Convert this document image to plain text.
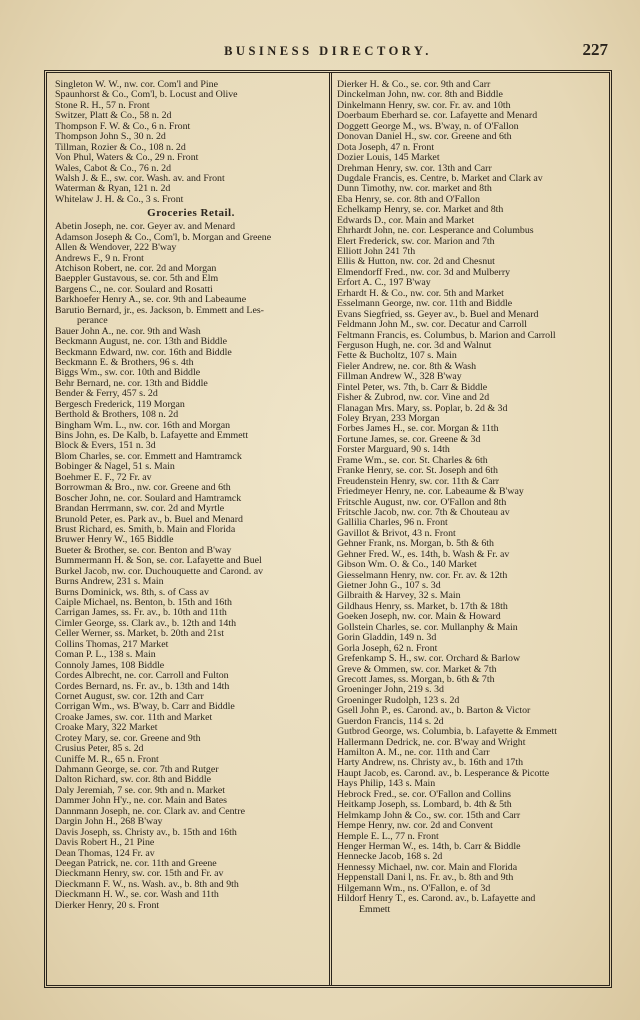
BUSINESS DIRECTORY.	227
Singleton W. W., nw. cor. Com'l and Pine
Spaunhorst & Co., Com'l, b. Locust and Olive
Stone R. H., 57 n. Front
Switzer, Platt & Co., 58 n. 2d
Thompson F. W. & Co., 6 n. Front
Thompson John S., 30 n. 2d
Tillman, Rozier & Co., 108 n. 2d
Von Phul, Waters & Co., 29 n. Front
Wales, Cabot & Co., 76 n. 2d
Walsh J. & E., sw. cor. Wash. av. and Front
Waterman & Ryan, 121 n. 2d
Whitelaw J. H. & Co., 3 s. Front
Groceries Retail.
Abetin Joseph, ne. cor. Geyer av. and Menard
Adamson Joseph & Co., Com'l, b. Morgan and Greene
Allen & Wendover, 222 B'way
Andrews F., 9 n. Front
Atchison Robert, ne. cor. 2d and Morgan
Baeppler Gustavous, se. cor. 5th and Elm
Bargens C., ne. cor. Soulard and Rosatti
Barkhoefer Henry A., se. cor. 9th and Labeaume
Barutio Bernard, jr., es. Jackson, b. Emmett and Les-
perance
Bauer John A., ne. cor. 9th and Wash
Beckmann August, ne. cor. 13th and Biddle
Beckmann Edward, nw. cor. 16th and Biddle
Beckmann E. & Brothers, 96 s. 4th
Biggs Wm., sw. cor. 10th and Biddle
Behr Bernard, ne. cor. 13th and Biddle
Bender & Ferry, 457 s. 2d
Bergesch Frederick, 119 Morgan
Berthold & Brothers, 108 n. 2d
Bingham Wm. L., nw. cor. 16th and Morgan
Bins John, es. De Kalb, b. Lafayette and Emmett
Block & Evers, 151 n. 3d
Blom Charles, se. cor. Emmett and Hamtramck
Bobinger & Nagel, 51 s. Main
Boehmer E. F., 72 Fr. av
Borrowman & Bro., nw. cor. Greene and 6th
Boscher John, ne. cor. Soulard and Hamtramck
Brandan Herrmann, sw. cor. 2d and Myrtle
Brunold Peter, es. Park av., b. Buel and Menard
Brust Richard, es. Smith, b. Main and Florida
Bruwer Henry W., 165 Biddle
Bueter & Brother, se. cor. Benton and B'way
Bummermann H. & Son, se. cor. Lafayette and Buel
Burkel Jacob, nw. cor. Duchouquette and Carond. av
Burns Andrew, 231 s. Main
Burns Dominick, ws. 8th, s. of Cass av
Caiple Michael, ns. Benton, b. 15th and 16th
Carrigan James, ss. Fr. av., b. 10th and 11th
Cimler George, ss. Clark av., b. 12th and 14th
Celler Werner, ss. Market, b. 20th and 21st
Collins Thomas, 217 Market
Coman P. L., 138 s. Main
Connoly James, 108 Biddle
Cordes Albrecht, ne. cor. Carroll and Fulton
Cordes Bernard, ns. Fr. av., b. 13th and 14th
Cornet August, sw. cor. 12th and Carr
Corrigan Wm., ws. B'way, b. Carr and Biddle
Croake James, sw. cor. 11th and Market
Croake Mary, 322 Market
Crotey Mary, se. cor. Greene and 9th
Crusius Peter, 85 s. 2d
Cuniffe M. R., 65 n. Front
Dahmann George, se. cor. 7th and Rutger
Dalton Richard, sw. cor. 8th and Biddle
Daly Jeremiah, 7 se. cor. 9th and n. Market
Dammer John H'y., ne. cor. Main and Bates
Dannmann Joseph, ne. cor. Clark av. and Centre
Dargin John H., 268 B'way
Davis Joseph, ss. Christy av., b. 15th and 16th
Davis Robert H., 21 Pine
Dean Thomas, 124 Fr. av
Deegan Patrick, ne. cor. 11th and Greene
Dieckmann Henry, sw. cor. 15th and Fr. av
Dieckmann F. W., ns. Wash. av., b. 8th and 9th
Dieckmann H. W., se. cor. Wash and 11th
Dierker Henry, 20 s. Front
Dierker H. & Co., se. cor. 9th and Carr
Dinckelman John, nw. cor. 8th and Biddle
Dinkelmann Henry, sw. cor. Fr. av. and 10th
Doerbaum Eberhard se. cor. Lafayette and Menard
Doggett George M., ws. B'way, n. of O'Fallon
Donovan Daniel H., sw. cor. Greene and 6th
Dota Joseph, 47 n. Front
Dozier Louis, 145 Market
Drehman Henry, sw. cor. 13th and Carr
Dugdale Francis, es. Centre, b. Market and Clark av
Dunn Timothy, nw. cor. market and 8th
Eba Henry, se. cor. 8th and O'Fallon
Echelkamp Henry, se. cor. Market and 8th
Edwards D., cor. Main and Market
Ehrhardt John, ne. cor. Lesperance and Columbus
Elert Frederick, sw. cor. Marion and 7th
Elliott John 241 7th
Ellis & Hutton, nw. cor. 2d and Chesnut
Elmendorff Fred., nw. cor. 3d and Mulberry
Erfort A. C., 197 B'way
Erhardt H. & Co., nw. cor. 5th and Market
Esselmann George, nw. cor. 11th and Biddle
Evans Siegfried, ss. Geyer av., b. Buel and Menard
Feldmann John M., sw. cor. Decatur and Carroll
Feltmann Francis, es. Columbus, b. Marion and Carroll
Ferguson Hugh, ne. cor. 3d and Walnut
Fette & Bucholtz, 107 s. Main
Fieler Andrew, ne. cor. 8th & Wash
Fillman Andrew W., 328 B'way
Fintel Peter, ws. 7th, b. Carr & Biddle
Fisher & Zubrod, nw. cor. Vine and 2d
Flanagan Mrs. Mary, ss. Poplar, b. 2d & 3d
Foley Bryan, 233 Morgan
Forbes James H., se. cor. Morgan & 11th
Fortune James, se. cor. Greene & 3d
Forster Marguard, 90 s. 14th
Frame Wm., se. cor. St. Charles & 6th
Franke Henry, se. cor. St. Joseph and 6th
Freudenstein Henry, sw. cor. 11th & Carr
Friedmeyer Henry, ne. cor. Labeaume & B'way
Fritschle August, nw. cor. O'Fallon and 8th
Fritschle Jacob, nw. cor. 7th & Chouteau av
Gallilia Charles, 96 n. Front
Gavillot & Brivot, 43 n. Front
Gehner Frank, ns. Morgan, b. 5th & 6th
Gehner Fred. W., es. 14th, b. Wash & Fr. av
Gibson Wm. O. & Co., 140 Market
Giesselmann Henry, nw. cor. Fr. av. & 12th
Gietner John G., 107 s. 3d
Gilbraith & Harvey, 32 s. Main
Gildhaus Henry, ss. Market, b. 17th & 18th
Goeken Joseph, nw. cor. Main & Howard
Gollstein Charles, se. cor. Mullanphy & Main
Gorin Gladdin, 149 n. 3d
Gorla Joseph, 62 n. Front
Grefenkamp S. H., sw. cor. Orchard & Barlow
Greve & Ommen, sw. cor. Market & 7th
Grecott James, ss. Morgan, b. 6th & 7th
Groeninger John, 219 s. 3d
Groeninger Rudolph, 123 s. 2d
Gsell John P., es. Carond. av., b. Barton & Victor
Guerdon Francis, 114 s. 2d
Gutbrod George, ws. Columbia, b. Lafayette & Emmett
Hallermann Dedrick, ne. cor. B'way and Wright
Hamilton A. M., ne. cor. 11th and Carr
Harty Andrew, ns. Christy av., b. 16th and 17th
Haupt Jacob, es. Carond. av., b. Lesperance & Picotte
Hays Philip, 143 s. Main
Hebrock Fred., se. cor. O'Fallon and Collins
Heitkamp Joseph, ss. Lombard, b. 4th & 5th
Helmkamp John & Co., sw. cor. 15th and Carr
Hempe Henry, nw. cor. 2d and Convent
Hemple E. L., 77 n. Front
Henger Herman W., es. 14th, b. Carr & Biddle
Hennecke Jacob, 168 s. 2d
Hennessy Michael, nw. cor. Main and Florida
Heppenstall Dani l, ns. Fr. av., b. 8th and 9th
Hilgemann Wm., ns. O'Fallon, e. of 3d
Hildorf Henry T., es. Carond. av., b. Lafayette and
Emmett
